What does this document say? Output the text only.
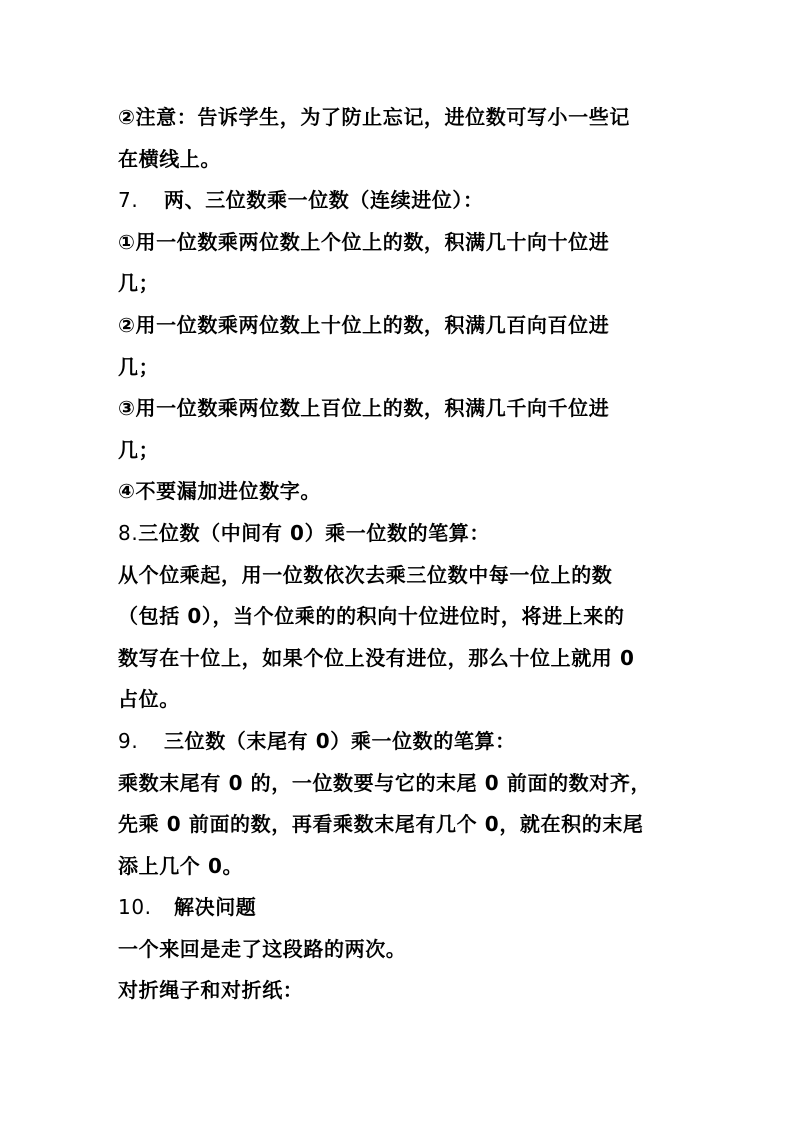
②注意：告诉学生，为了防止忘记，进位数可写小一些记
在横线上。
7. 两、三位数乘一位数（连续进位）：
①用一位数乘两位数上个位上的数，积满几十向十位进
几；
②用一位数乘两位数上十位上的数，积满几百向百位进
几；
③用一位数乘两位数上百位上的数，积满几千向千位进
几；
④不要漏加进位数字。
8.三位数（中间有 0）乘一位数的笔算：
从个位乘起，用一位数依次去乘三位数中每一位上的数
（包括 0），当个位乘的的积向十位进位时，将进上来的
数写在十位上，如果个位上没有进位，那么十位上就用 0
占位。
9. 三位数（末尾有 0）乘一位数的笔算：
乘数末尾有 0 的，一位数要与它的末尾 0 前面的数对齐，
先乘 0 前面的数，再看乘数末尾有几个 0，就在积的末尾
添上几个 0。
10. 解决问题
一个来回是走了这段路的两次。
对折绳子和对折纸：
